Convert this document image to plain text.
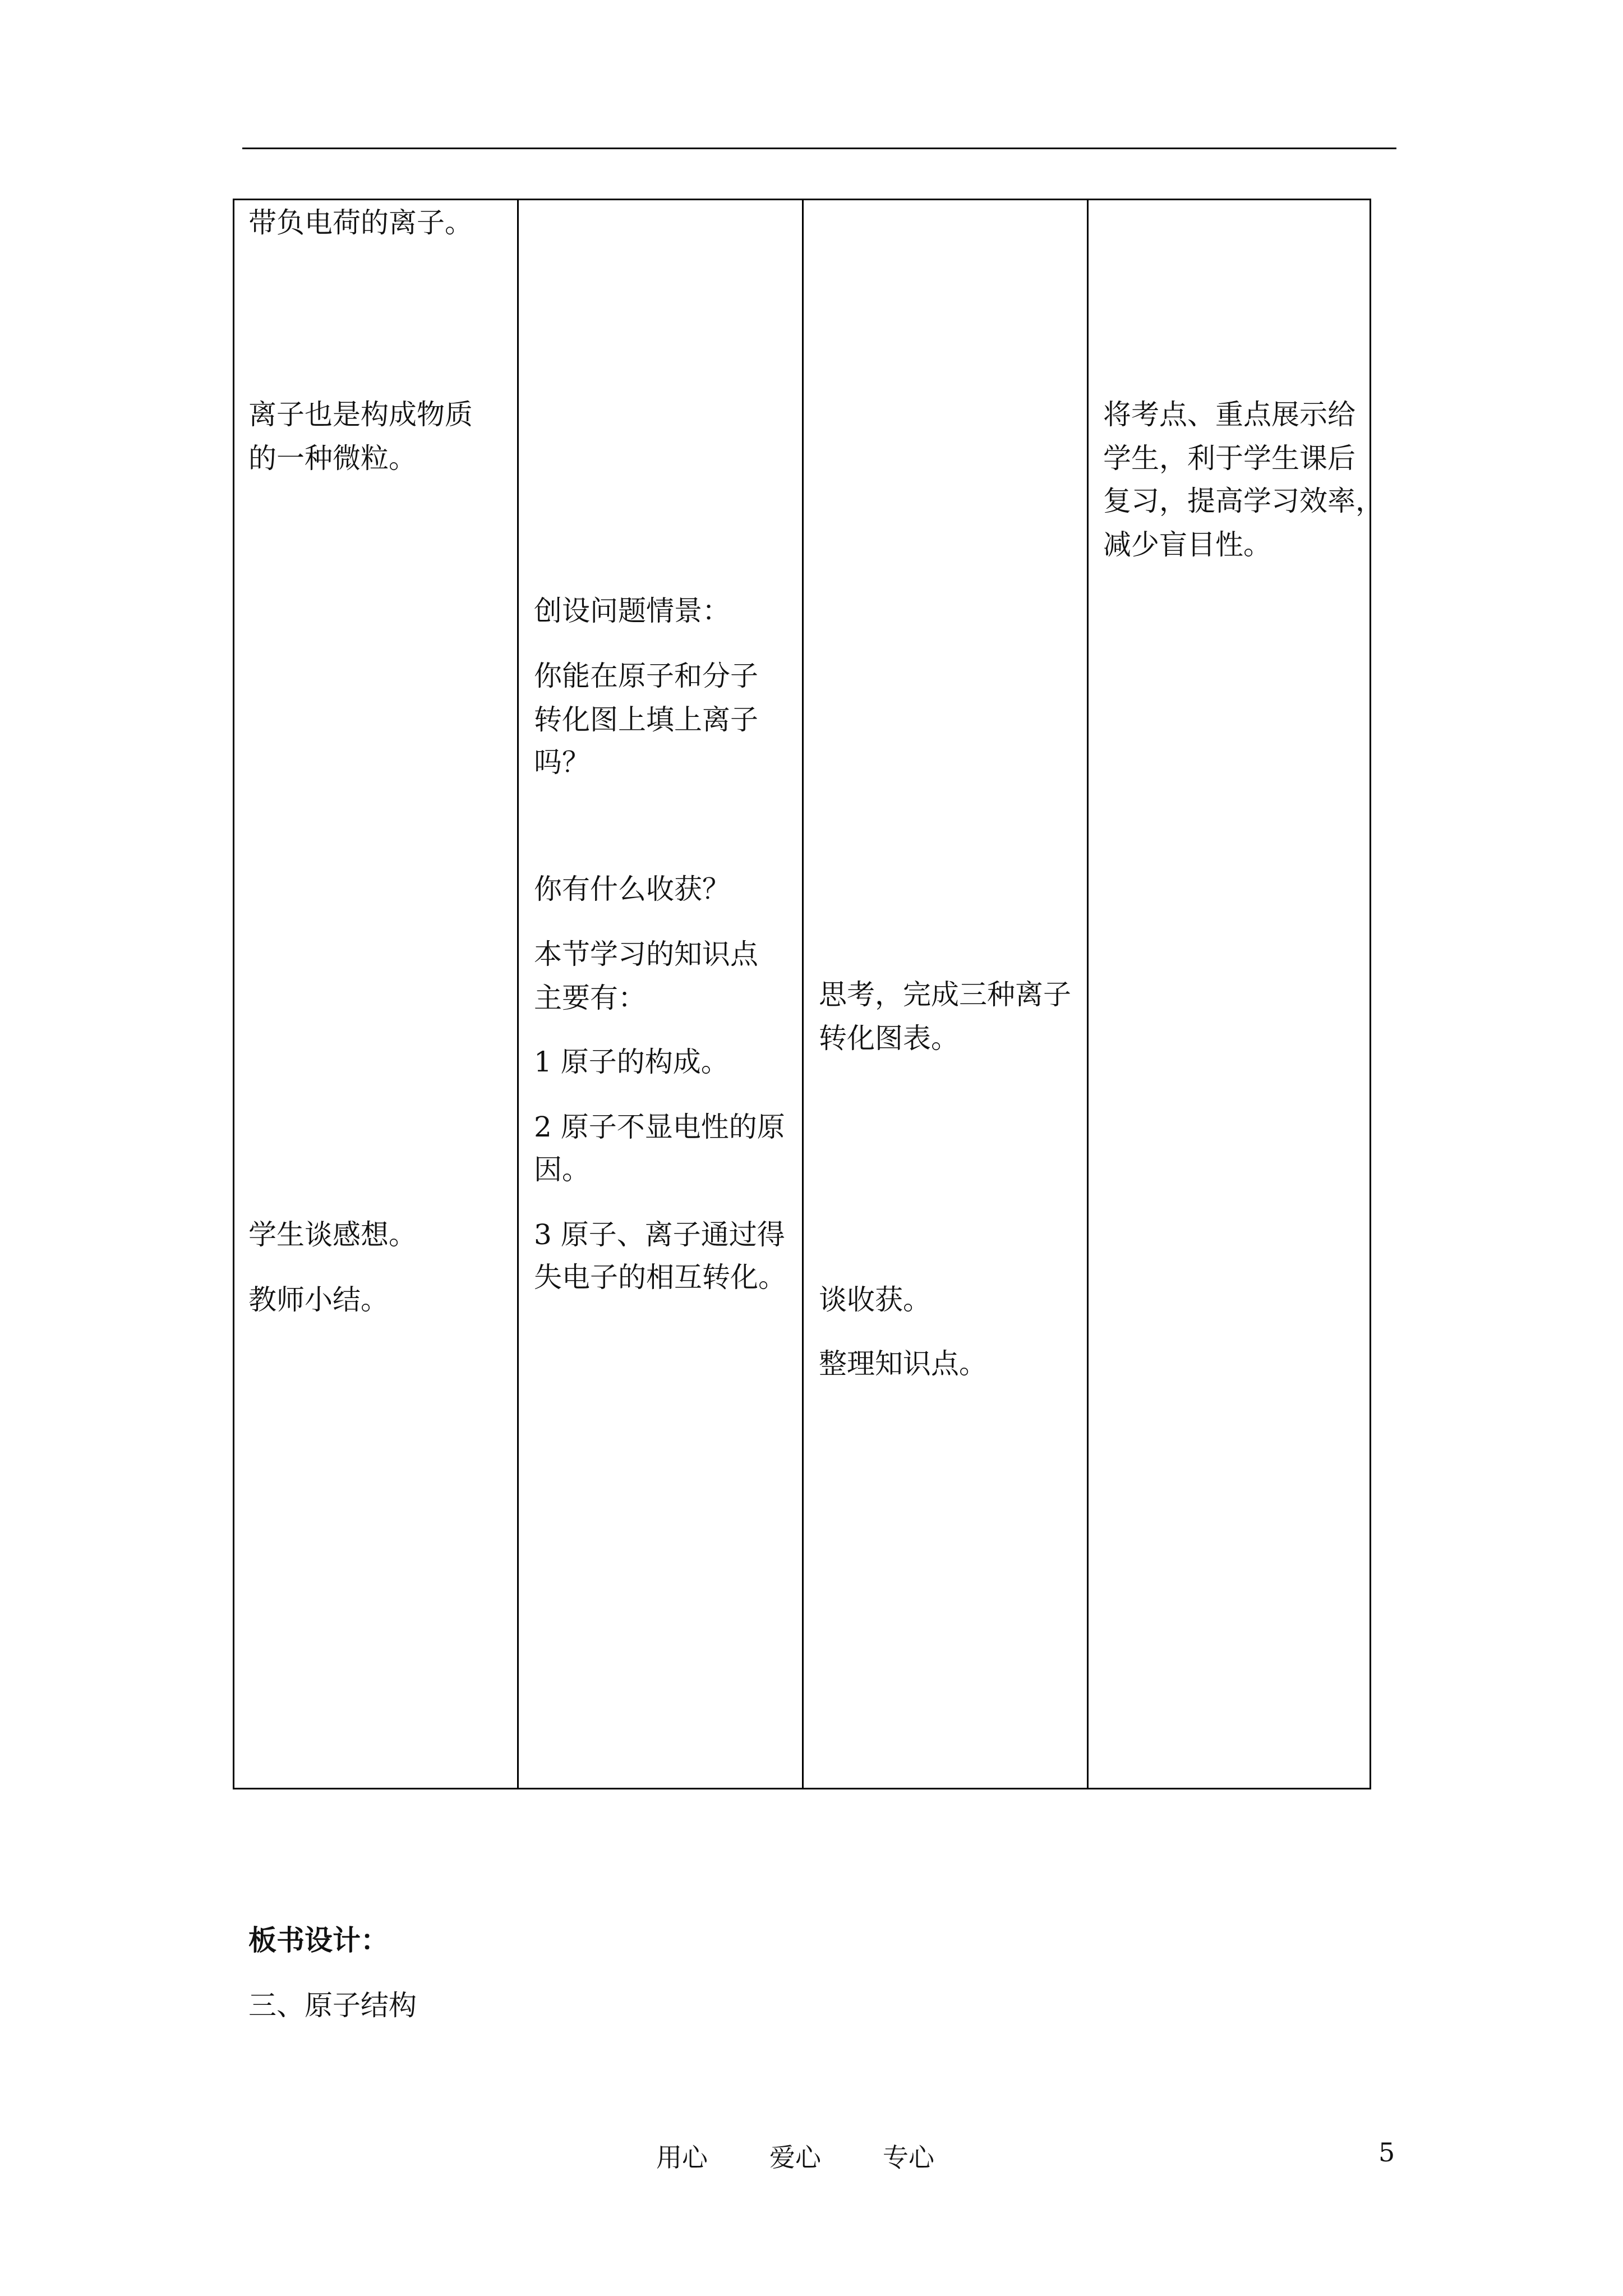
带负电荷的离子。
离子也是构成物质
的一种微粒。
学生谈感想。
教师小结。
创设问题情景：
你能在原子和分子
转化图上填上离子
吗？
你有什么收获？
本节学习的知识点
主要有：
1 原子的构成。
2 原子不显电性的原
因。
3 原子、离子通过得
失电子的相互转化。
思考，完成三种离子
转化图表。
谈收获。
整理知识点。
将考点、重点展示给
学生，利于学生课后
复习，提高学习效率，
减少盲目性。
板书设计：
三、原子结构
用心 爱心 专心	5
